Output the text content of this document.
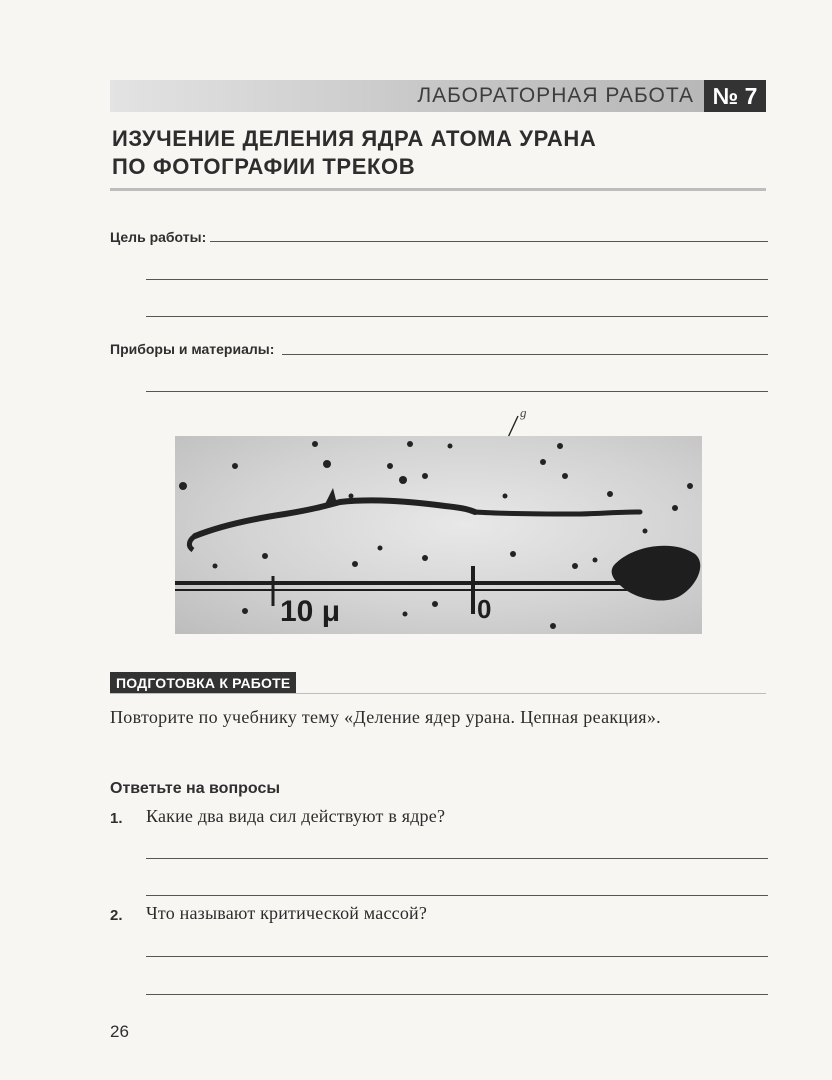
ЛАБОРАТОРНАЯ РАБОТА № 7
ИЗУЧЕНИЕ ДЕЛЕНИЯ ЯДРА АТОМА УРАНА
ПО ФОТОГРАФИИ ТРЕКОВ
Цель работы:
Приборы и материалы:
g
10 μ	0
ПОДГОТОВКА К РАБОТЕ

Повторите по учебнику тему «Деление ядер урана. Цепная реакция».

Ответьте на вопросы
1. Какие два вида сил действуют в ядре?
2. Что называют критической массой?
26
